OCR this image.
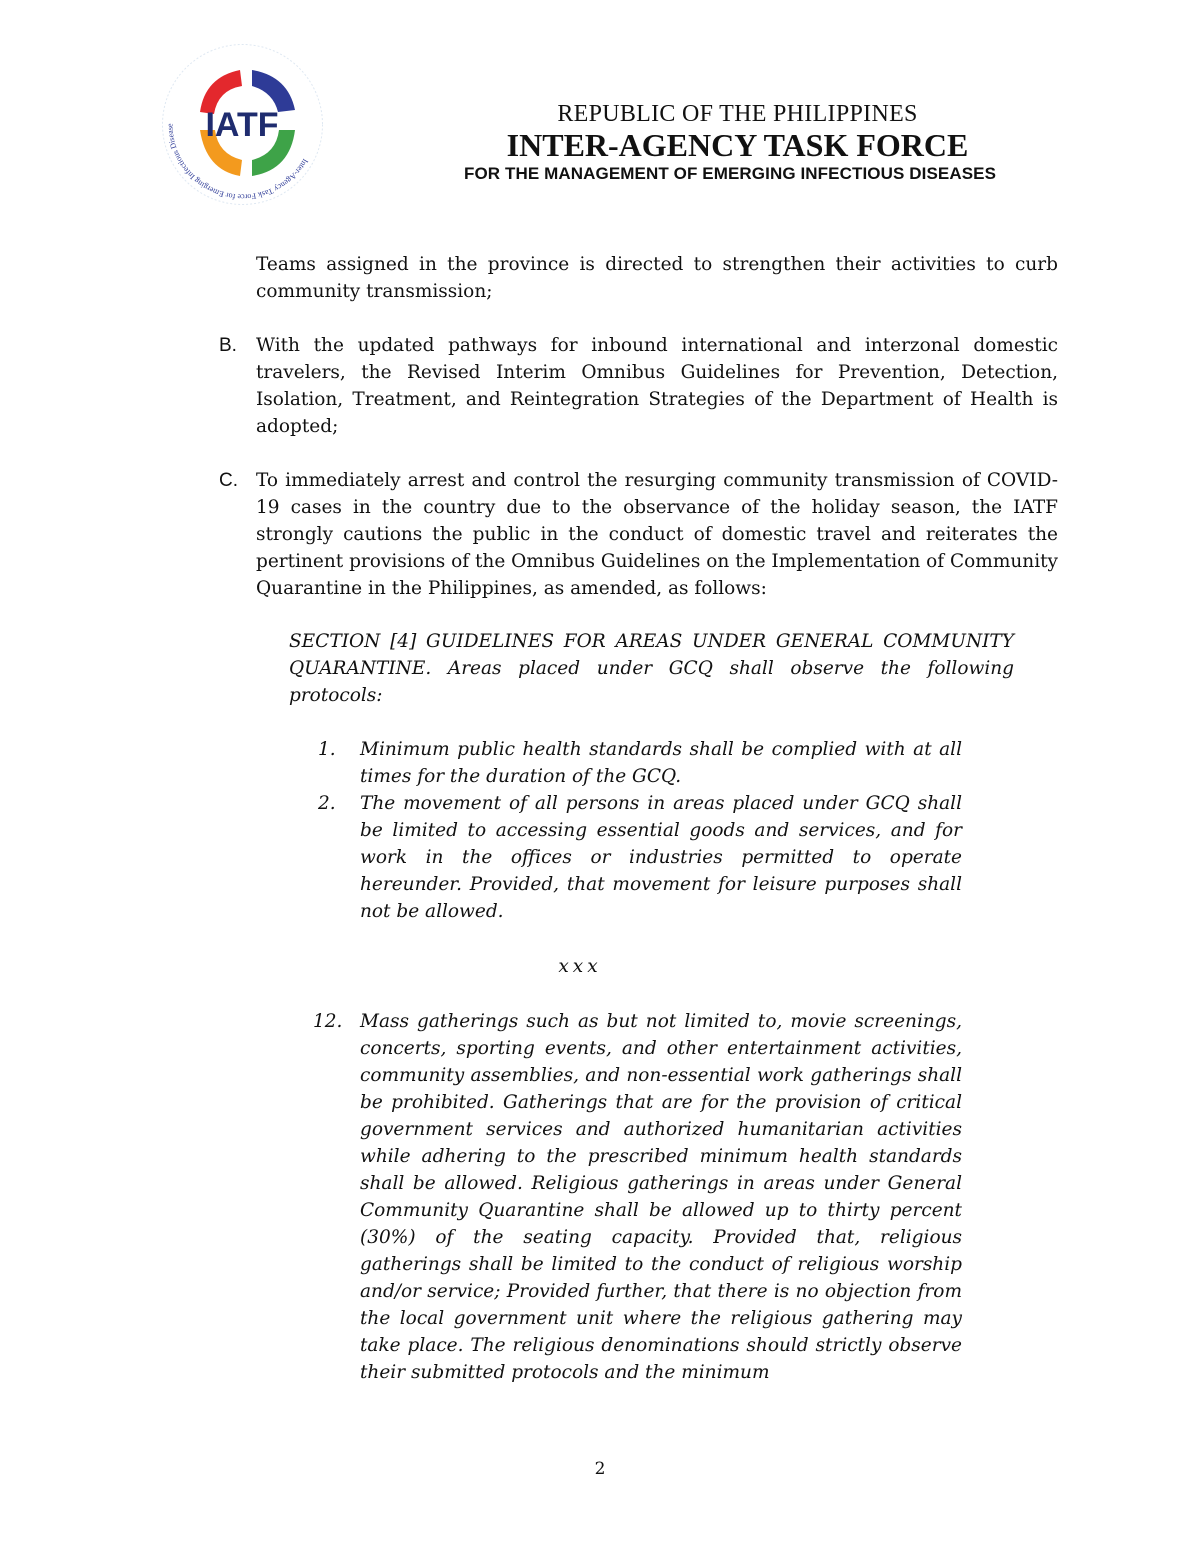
IATF
Inter-Agency Task Force for Emerging Infectious Disease	REPUBLIC OF THE PHILIPPINES
INTER-AGENCY TASK FORCE
FOR THE MANAGEMENT OF EMERGING INFECTIOUS DISEASES
Teams assigned in the province is directed to strengthen their activities to curb community transmission;
B. With the updated pathways for inbound international and interzonal domestic travelers, the Revised Interim Omnibus Guidelines for Prevention, Detection, Isolation, Treatment, and Reintegration Strategies of the Department of Health is adopted;
C. To immediately arrest and control the resurging community transmission of COVID-19 cases in the country due to the observance of the holiday season, the IATF strongly cautions the public in the conduct of domestic travel and reiterates the pertinent provisions of the Omnibus Guidelines on the Implementation of Community Quarantine in the Philippines, as amended, as follows:
SECTION [4] GUIDELINES FOR AREAS UNDER GENERAL COMMUNITY QUARANTINE. Areas placed under GCQ shall observe the following protocols:
1. Minimum public health standards shall be complied with at all times for the duration of the GCQ.
2. The movement of all persons in areas placed under GCQ shall be limited to accessing essential goods and services, and for work in the offices or industries permitted to operate hereunder. Provided, that movement for leisure purposes shall not be allowed.
xxx
12. Mass gatherings such as but not limited to, movie screenings, concerts, sporting events, and other entertainment activities, community assemblies, and non-essential work gatherings shall be prohibited. Gatherings that are for the provision of critical government services and authorized humanitarian activities while adhering to the prescribed minimum health standards shall be allowed. Religious gatherings in areas under General Community Quarantine shall be allowed up to thirty percent (30%) of the seating capacity. Provided that, religious gatherings shall be limited to the conduct of religious worship and/or service; Provided further, that there is no objection from the local government unit where the religious gathering may take place. The religious denominations should strictly observe their submitted protocols and the minimum
2
